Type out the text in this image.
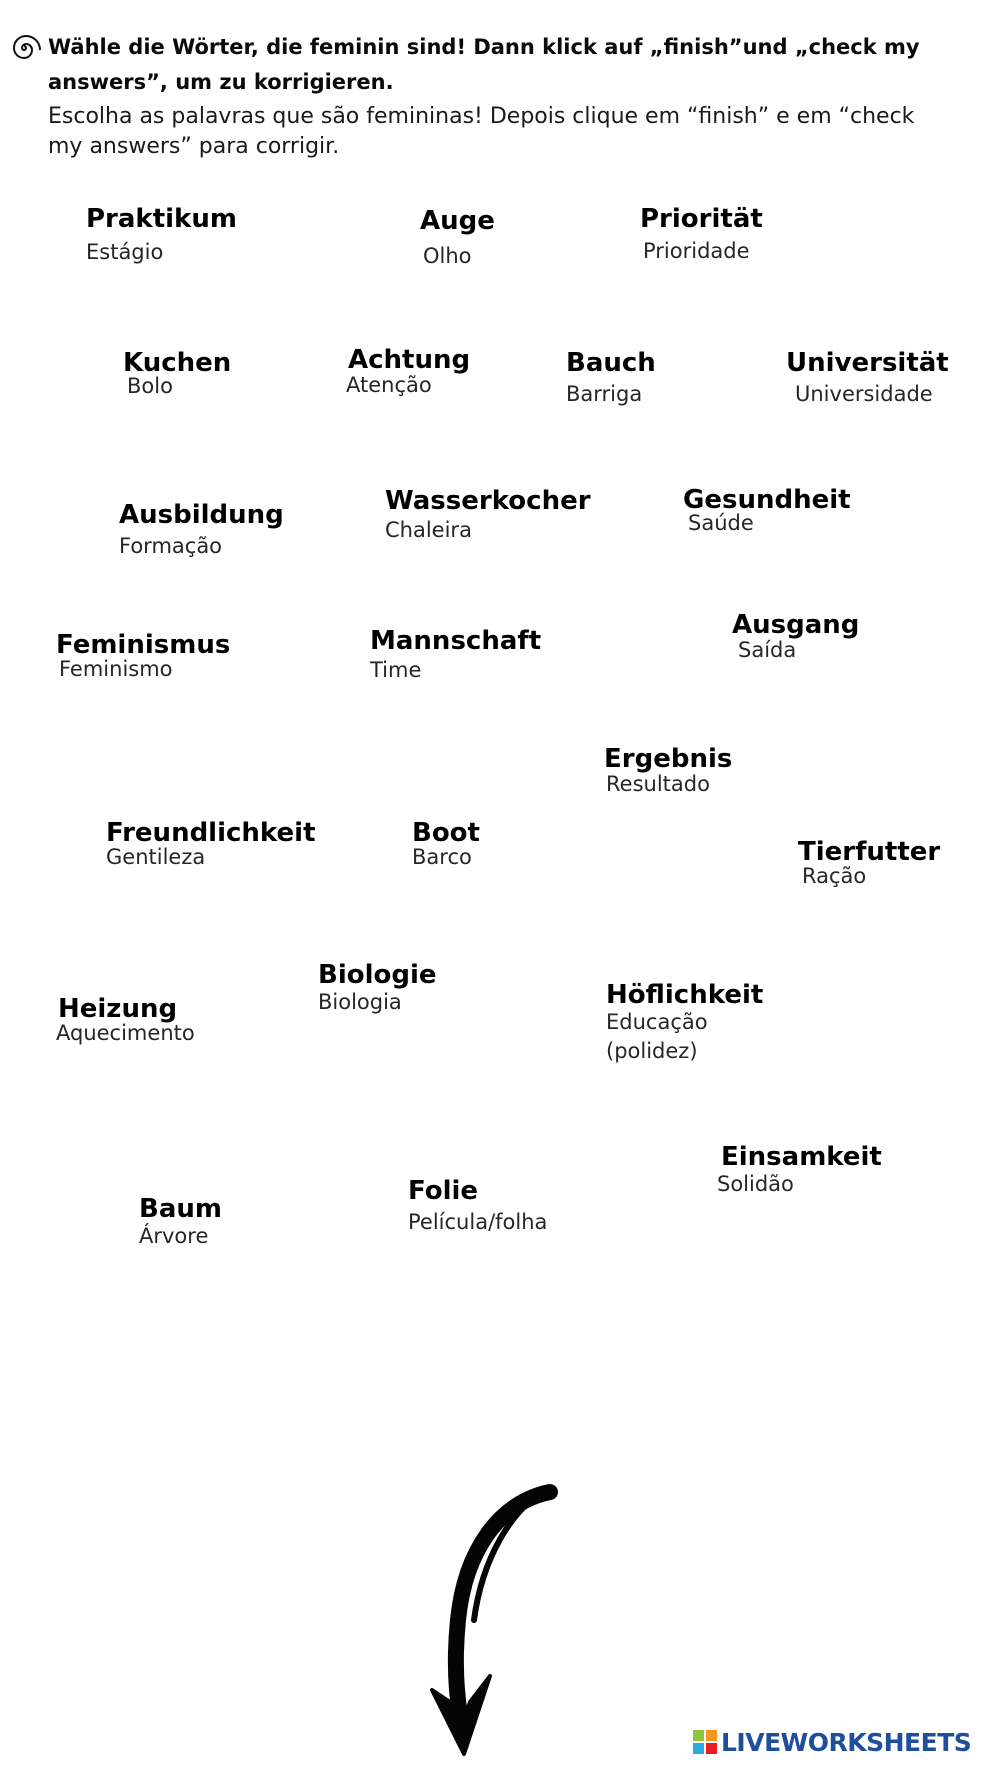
Wähle die Wörter, die feminin sind! Dann klick auf „finish”und „check my answers”, um zu korrigieren.

Escolha as palavras que são femininas! Depois clique em “finish” e em “check my answers” para corrigir.

Praktikum
Estágio
Auge
Olho
Priorität
Prioridade
Kuchen
Bolo
Achtung
Atenção
Bauch
Barriga
Universität
Universidade
Ausbildung
Formação
Wasserkocher
Chaleira
Gesundheit
Saúde
Feminismus
Feminismo
Mannschaft
Time
Ausgang
Saída
Ergebnis
Resultado
Freundlichkeit
Gentileza
Boot
Barco	Tierfutter
Ração
Biologie
Biologia
Heizung
Aquecimento
Höflichkeit
Educação (polidez)
Einsamkeit
Solidão
Folie
Película/folha
Baum
Árvore
LIVEWORKSHEETS
